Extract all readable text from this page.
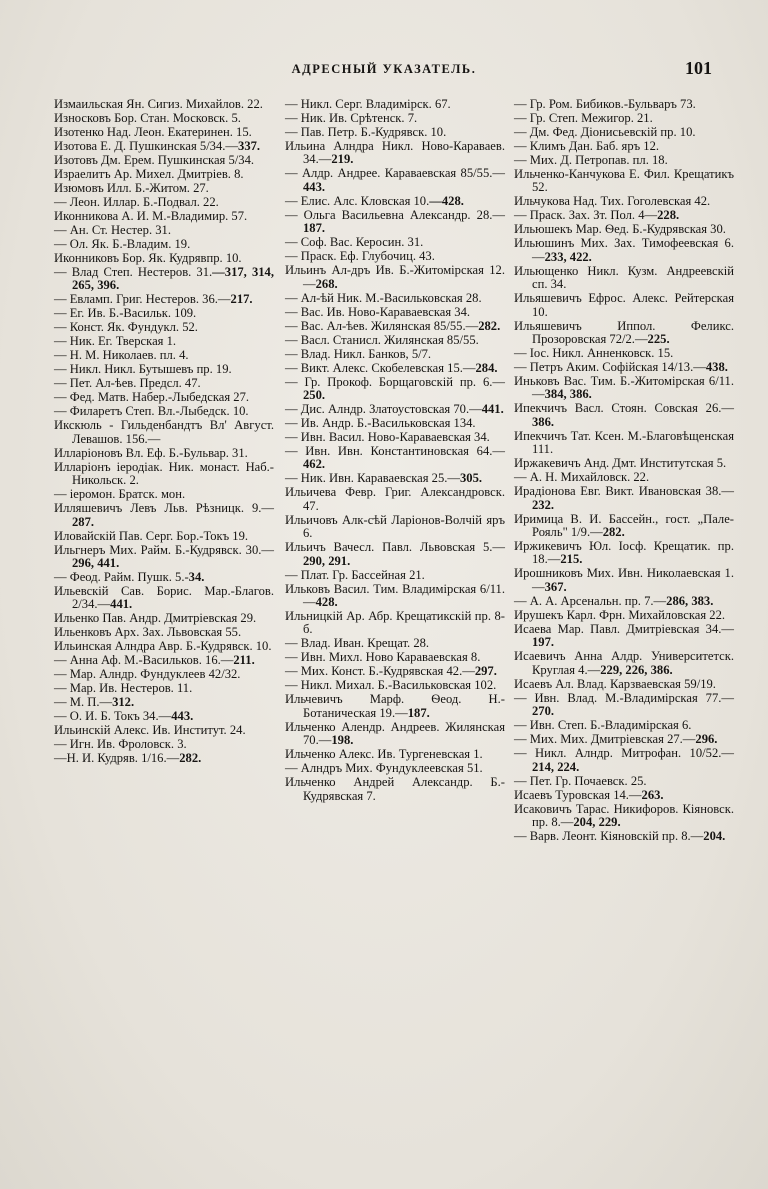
АДРЕСНЫЙ УКАЗАТЕЛЬ.	101
Измаильская Ян. Сигиз. Михайлов. 22.
Износковъ Бор. Стан. Московск. 5.
Изотенко Над. Леон. Екатеринен. 15.
Изотова Е. Д. Пушкинская 5/34.—337.
Изотовъ Дм. Ерем. Пушкинская 5/34.
Израелитъ Ар. Михел. Дмитріев. 8.
Изюмовъ Илл. Б.-Житом. 27.
— Леон. Иллар. Б.-Подвал. 22.
Иконникова А. И. М.-Владимир. 57.
— Ан. Ст. Нестер. 31.
— Ол. Як. Б.-Владим. 19.
Иконниковъ Бор. Як. Кудрявпр. 10.
— Влад Степ. Нестеров. 31.—317, 314, 265, 396.
— Евламп. Григ. Нестеров. 36.—217.
— Ег. Ив. Б.-Васильк. 109.
— Конст. Як. Фундукл. 52.
— Ник. Ег. Тверская 1.
— Н. М. Николаев. пл. 4.
— Никл. Никл. Бутышевъ пр. 19.
— Пет. Ал-ѣев. Предсл. 47.
— Фед. Матв. Набер.-Лыбедская 27.
— Филаретъ Степ. Вл.-Лыбедск. 10.
Икскюль - Гильденбандтъ Вл' Август. Левашов. 156.—
Илларіоновъ Вл. Еф. Б.-Бульвар. 31.
Илларіонъ іеродіак. Ник. монаст. Наб.-Никольск. 2.
— іеромон. Братск. мон.
Илляшевичъ Левъ Льв. Рѣзницк. 9.—287.
Иловайскій Пав. Серг. Бор.-Токъ 19.
Ильгнеръ Мих. Райм. Б.-Кудрявск. 30.—296, 441.
— Феод. Райм. Пушк. 5.-34.
Ильевскій Сав. Борис. Мар.-Благов. 2/34.—441.
Ильенко Пав. Андр. Дмитріевская 29.
Ильенковъ Арх. Зах. Львовская 55.
Ильинская Алндра Авр. Б.-Кудрявск. 10.
— Анна Аф. М.-Васильков. 16.—211.
— Мар. Алндр. Фундуклеев 42/32.
— Мар. Ив. Нестеров. 11.
— М. П.—312.
— О. И. Б. Токъ 34.—443.
Ильинскій Алекс. Ив. Институт. 24.
— Игн. Ив. Фроловск. 3.
—Н. И. Кудряв. 1/16.—282.
— Никл. Серг. Владимірск. 67.
— Ник. Ив. Срѣтенск. 7.
— Пав. Петр. Б.-Кудрявск. 10.
Ильина Алндра Никл. Ново-Караваев. 34.—219.
— Алдр. Андрее. Караваевская 85/55.—443.
— Елис. Алс. Кловская 10.—428.
— Ольга Васильевна Александр. 28.—187.
— Соф. Вас. Керосин. 31.
— Праск. Еф. Глубочиц. 43.
Ильинъ Ал-дръ Ив. Б.-Житомірская 12.—268.
— Ал-ѣй Ник. М.-Васильковская 28.
— Вас. Ив. Ново-Караваевская 34.
— Вас. Ал-ѣев. Жилянская 85/55.—282.
— Васл. Станисл. Жилянская 85/55.
— Влад. Никл. Банков, 5/7.
— Викт. Алекс. Скобелевская 15.—284.
— Гр. Прокоф. Борщаговскій пр. 6.—250.
— Дис. Алндр. Златоустовская 70.—441.
— Ив. Андр. Б.-Васильковская 134.
— Ивн. Васил. Ново-Караваевская 34.
— Ивн. Ивн. Константиновская 64.—462.
— Ник. Ивн. Караваевская 25.—305.
Ильичева Февр. Григ. Александровск. 47.
Ильичовъ Алк-сѣй Ларіонов-Волчій яръ 6.
Ильичъ Вачесл. Павл. Львовская 5.—290, 291.
— Плат. Гр. Бассейная 21.
Ильковъ Васил. Тим. Владимірская 6/11.—428.
Ильницкій Ар. Абр. Крещатикскій пр. 8-б.
— Влад. Иван. Крещат. 28.
— Ивн. Михл. Ново Караваевская 8.
— Мих. Конст. Б.-Кудрявская 42.—297.
— Никл. Михал. Б.-Васильковская 102.
Ильчевичъ Марф. Ѳеод. Н.-Ботаническая 19.—187.
Ильченко Алендр. Андреев. Жилянская 70.—198.
Ильченко Алекс. Ив. Тургеневская 1.
— Алндръ Мих. Фундуклеевская 51.
Ильченко Андрей Александр. Б.-Кудрявская 7.
— Гр. Ром. Бибиков.-Бульваръ 73.
— Гр. Степ. Межигор. 21.
— Дм. Фед. Діонисьевскій пр. 10.
— Климъ Дан. Баб. яръ 12.
— Мих. Д. Петропав. пл. 18.
Ильченко-Канчукова Е. Фил. Крещатикъ 52.
Ильчукова Над. Тих. Гоголевская 42.
— Праск. Зах. Зт. Пол. 4—228.
Ильюшекъ Мар. Ѳед. Б.-Кудрявская 30.
Ильюшинъ Мих. Зах. Тимофеевская 6.—233, 422.
Ильющенко Никл. Кузм. Андреевскій сп. 34.
Ильяшевичъ Ефрос. Алекс. Рейтерская 10.
Ильяшевичъ Иппол. Феликс. Прозоровская 72/2.—225.
— Іос. Никл. Анненковск. 15.
— Петръ Аким. Софійская 14/13.—438.
Иньковъ Вас. Тим. Б.-Житомірская 6/11.—384, 386.
Ипекчичъ Васл. Стоян. Совская 26.—386.
Ипекчичъ Тат. Ксен. М.-Благовѣщенская 111.
Иржакевичъ Анд. Дмт. Институтская 5.
— А. Н. Михайловск. 22.
Ирадіонова Евг. Викт. Ивановская 38.—232.
Иримица В. И. Бассейн., гост. „Пале-Рояль" 1/9.—282.
Иржикевичъ Юл. Іосф. Крещатик. пр. 18.—215.
Ирошниковъ Мих. Ивн. Николаевская 1.—367.
— А. А. Арсенальн. пр. 7.—286, 383.
Ирушекъ Карл. Фрн. Михайловская 22.
Исаева Мар. Павл. Дмитріевская 34.—197.
Исаевичъ Анна Алдр. Университетск. Круглая 4.—229, 226, 386.
Исаевъ Ал. Влад. Карзваевская 59/19.
— Ивн. Влад. М.-Владимірская 77.—270.
— Ивн. Степ. Б.-Владимірская 6.
— Мих. Мих. Дмитріевская 27.—296.
— Никл. Алндр. Митрофан. 10/52.—214, 224.
— Пет. Гр. Почаевск. 25.
Исаевъ Туровская 14.—263.
Исаковичъ Тарас. Никифоров. Кіяновск. пр. 8.—204, 229.
— Варв. Леонт. Кіяновскій пр. 8.—204.
